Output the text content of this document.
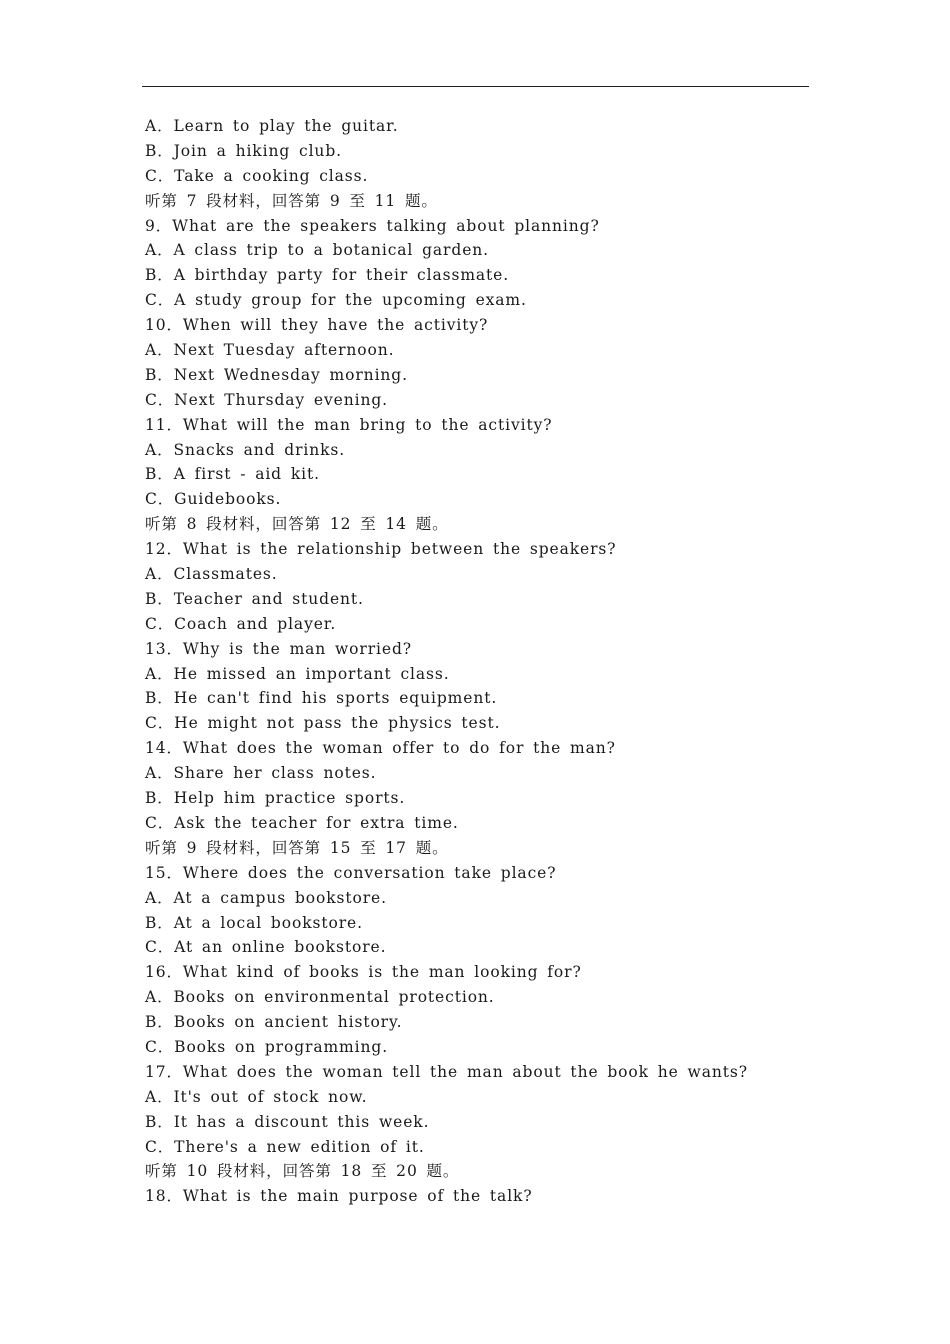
A．Learn to play the guitar.
B．Join a hiking club.
C．Take a cooking class.
听第 7 段材料，回答第 9 至 11 题。
9．What are the speakers talking about planning?
A．A class trip to a botanical garden.
B．A birthday party for their classmate.
C．A study group for the upcoming exam.
10．When will they have the activity?
A．Next Tuesday afternoon.
B．Next Wednesday morning.
C．Next Thursday evening.
11．What will the man bring to the activity?
A．Snacks and drinks.
B．A first - aid kit.
C．Guidebooks.
听第 8 段材料，回答第 12 至 14 题。
12．What is the relationship between the speakers?
A．Classmates.
B．Teacher and student.
C．Coach and player.
13．Why is the man worried?
A．He missed an important class.
B．He can't find his sports equipment.
C．He might not pass the physics test.
14．What does the woman offer to do for the man?
A．Share her class notes.
B．Help him practice sports.
C．Ask the teacher for extra time.
听第 9 段材料，回答第 15 至 17 题。
15．Where does the conversation take place?
A．At a campus bookstore.
B．At a local bookstore.
C．At an online bookstore.
16．What kind of books is the man looking for?
A．Books on environmental protection.
B．Books on ancient history.
C．Books on programming.
17．What does the woman tell the man about the book he wants?
A．It's out of stock now.
B．It has a discount this week.
C．There's a new edition of it.
听第 10 段材料，回答第 18 至 20 题。
18．What is the main purpose of the talk?
